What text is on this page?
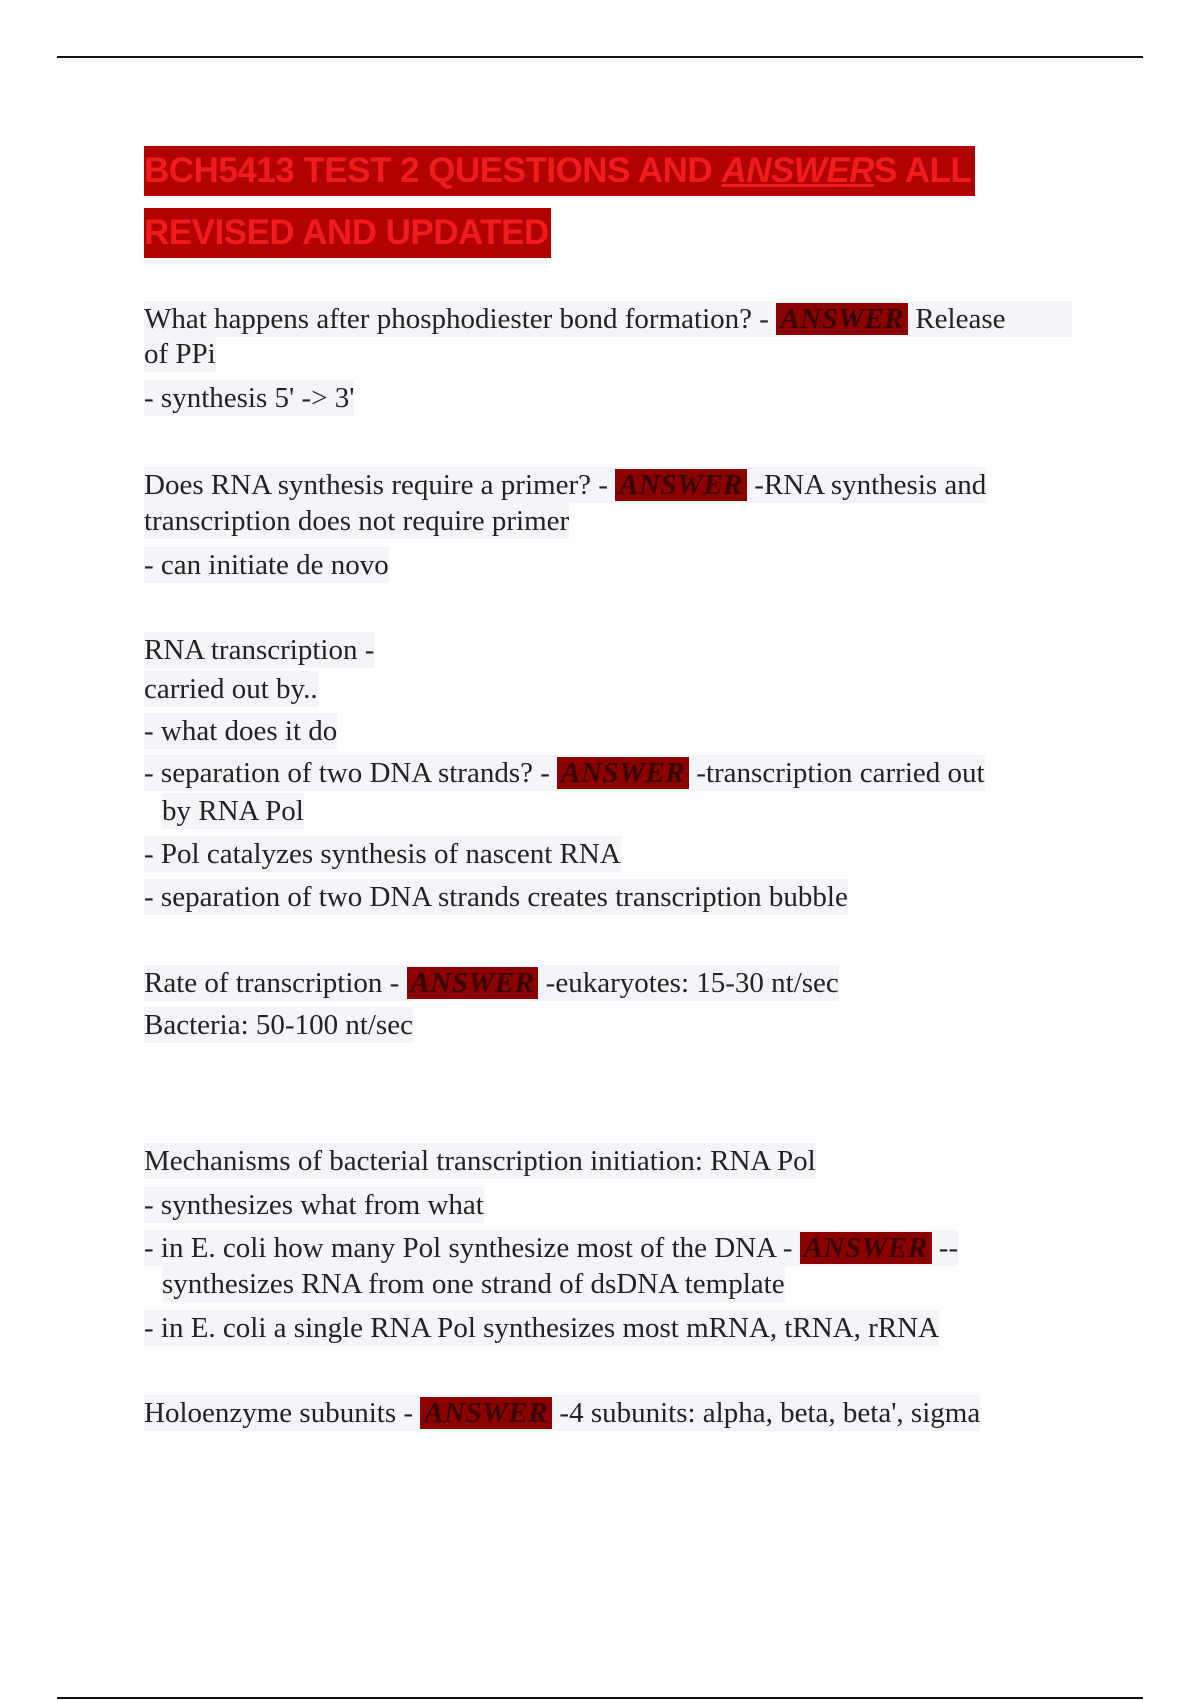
BCH5413 TEST 2 QUESTIONS AND ANSWERS ALL
REVISED AND UPDATED
What happens after phosphodiester bond formation? - ANSWER Release
of PPi
- synthesis 5' -> 3'
Does RNA synthesis require a primer? - ANSWER -RNA synthesis and
transcription does not require primer
- can initiate de novo
RNA transcription -
carried out by..
- what does it do
- separation of two DNA strands? - ANSWER -transcription carried out
by RNA Pol
- Pol catalyzes synthesis of nascent RNA
- separation of two DNA strands creates transcription bubble
Rate of transcription - ANSWER -eukaryotes: 15-30 nt/sec
Bacteria: 50-100 nt/sec
Mechanisms of bacterial transcription initiation: RNA Pol
- synthesizes what from what
- in E. coli how many Pol synthesize most of the DNA - ANSWER --
synthesizes RNA from one strand of dsDNA template
- in E. coli a single RNA Pol synthesizes most mRNA, tRNA, rRNA
Holoenzyme subunits - ANSWER -4 subunits: alpha, beta, beta', sigma
